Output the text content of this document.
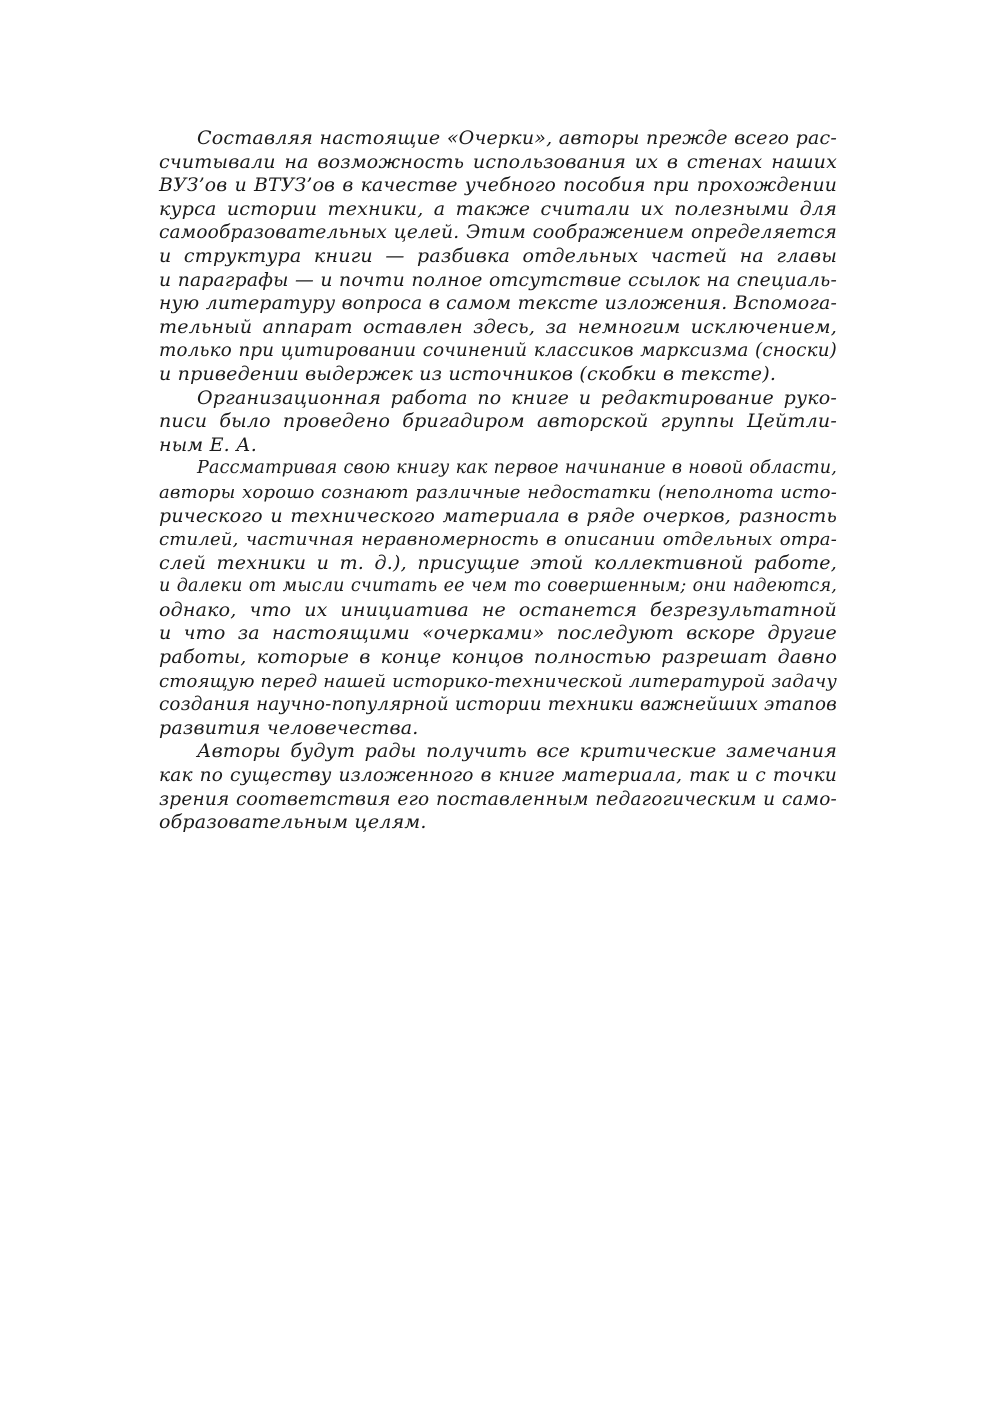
Составляя настоящие «Очерки», авторы прежде всего рас-
считывали на возможность использования их в стенах наших
ВУЗ’ов и ВТУЗ’ов в качестве учебного пособия при прохождении
курса истории техники, а также считали их полезными для
самообразовательных целей. Этим соображением определяется
и структура книги — разбивка отдельных частей на главы
и параграфы — и почти полное отсутствие ссылок на специаль-
ную литературу вопроса в самом тексте изложения. Вспомога-
тельный аппарат оставлен здесь, за немногим исключением,
только при цитировании сочинений классиков марксизма (сноски)
и приведении выдержек из источников (скобки в тексте).
Организационная работа по книге и редактирование руко-
писи было проведено бригадиром авторской группы Цейтли-
ным Е. А.
Рассматривая свою книгу как первое начинание в новой области,
авторы хорошо сознают различные недостатки (неполнота исто-
рического и технического материала в ряде очерков, разность
стилей, частичная неравномерность в описании отдельных отра-
слей техники и т. д.), присущие этой коллективной работе,
и далеки от мысли считать ее чем то совершенным; они надеются,
однако, что их инициатива не останется безрезультатной
и что за настоящими «очерками» последуют вскоре другие
работы, которые в конце концов полностью разрешат давно
стоящую перед нашей историко-технической литературой задачу
создания научно-популярной истории техники важнейших этапов
развития человечества.
Авторы будут рады получить все критические замечания
как по существу изложенного в книге материала, так и с точки
зрения соответствия его поставленным педагогическим и само-
образовательным целям.
